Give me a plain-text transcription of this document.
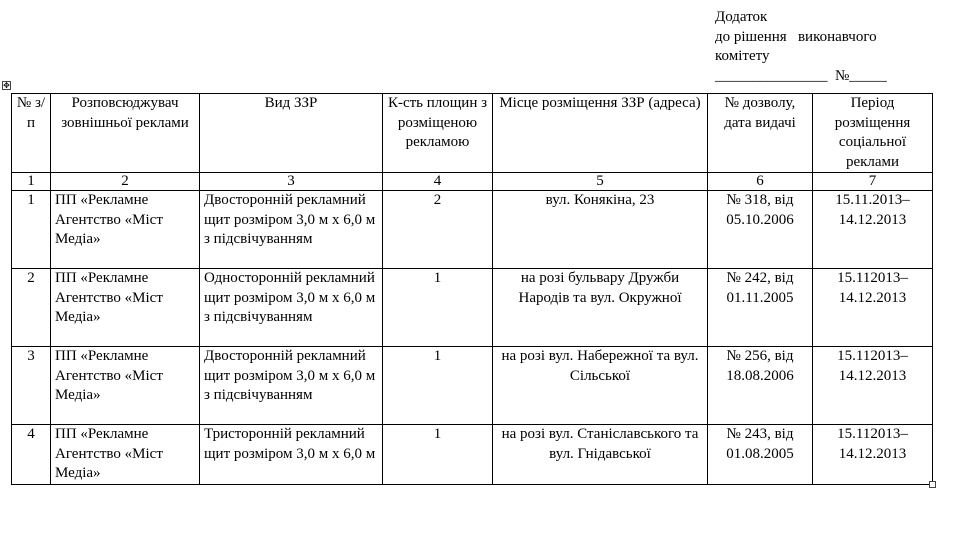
Додаток
до рішення   виконавчого
комітету
_______________  №_____
✥
№ з/п	Розповсюджувач зовнішньої реклами	Вид ЗЗР	К-сть площин з розміщеною рекламою	Місце розміщення ЗЗР (адреса)	№ дозволу, дата видачі	Період розміщення соціальної реклами
1	2	3	4	5	6	7
1	ПП «Рекламне Агентство «Міст Медіа»	Двосторонній рекламний щит розміром 3,0 м х 6,0 м з підсвічуванням	2	вул. Конякіна, 23	№ 318, від 05.10.2006	15.11.2013–14.12.2013
2	ПП «Рекламне Агентство «Міст Медіа»	Односторонній рекламний щит розміром 3,0 м х 6,0 м з підсвічуванням	1	на розі бульвару Дружби Народів та вул. Окружної	№ 242, від 01.11.2005	15.112013–14.12.2013
3	ПП «Рекламне Агентство «Міст Медіа»	Двосторонній рекламний щит розміром 3,0 м х 6,0 м з підсвічуванням	1	на розі вул. Набережної та вул. Сільської	№ 256, від 18.08.2006	15.112013–14.12.2013
4	ПП «Рекламне Агентство «Міст Медіа»	Тристоронній рекламний щит розміром 3,0 м х 6,0 м	1	на розі вул. Станіславського та вул. Гнідавської	№ 243, від 01.08.2005	15.112013–14.12.2013
